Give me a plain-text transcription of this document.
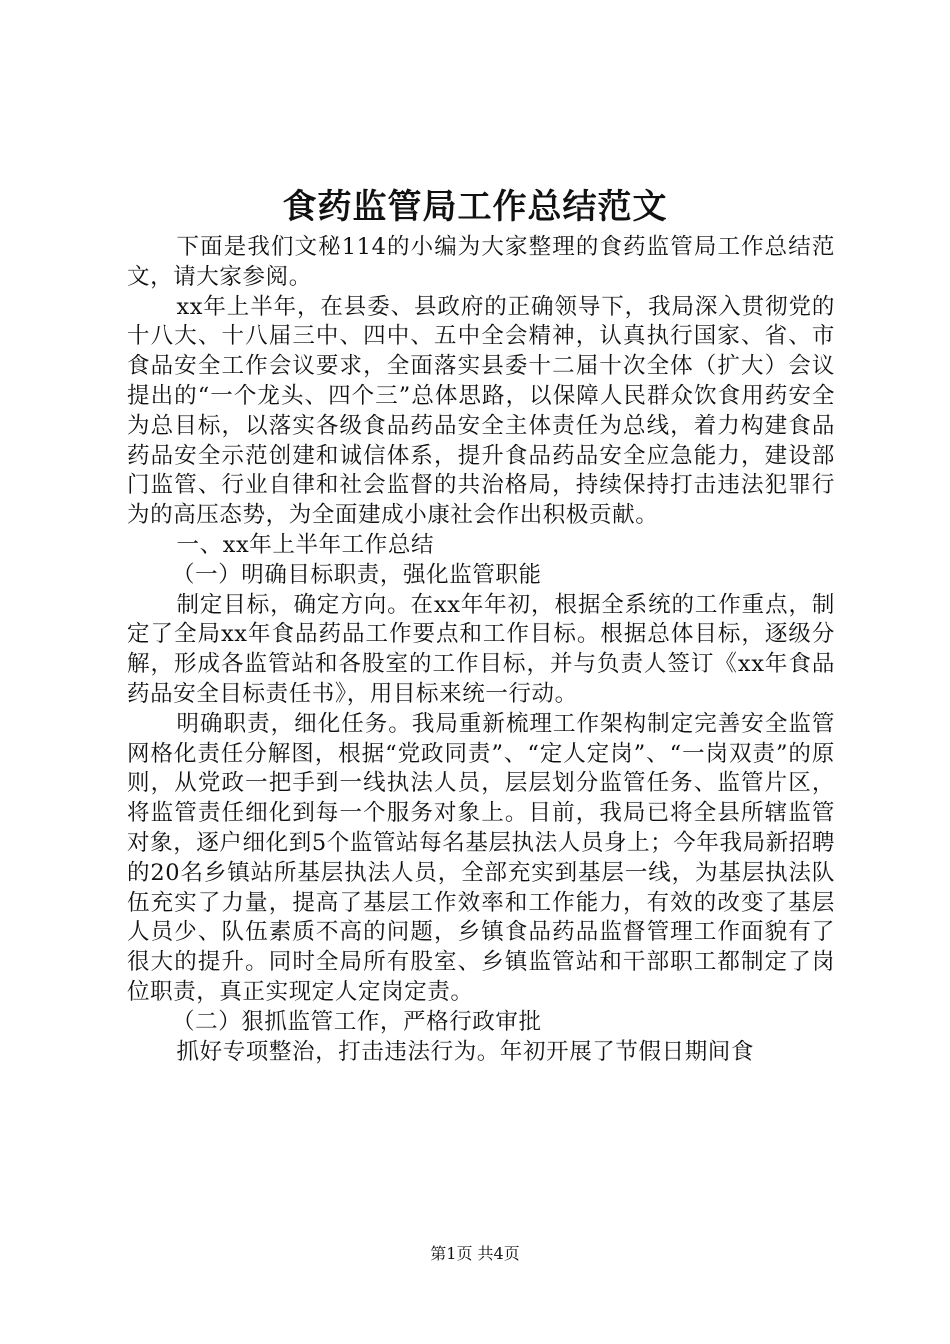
食药监管局工作总结范文

下面是我们文秘114的小编为大家整理的食药监管局工作总结范文，请大家参阅。

xx年上半年，在县委、县政府的正确领导下，我局深入贯彻党的十八大、十八届三中、四中、五中全会精神，认真执行国家、省、市食品安全工作会议要求，全面落实县委十二届十次全体（扩大）会议提出的“一个龙头、四个三”总体思路，以保障人民群众饮食用药安全为总目标，以落实各级食品药品安全主体责任为总线，着力构建食品药品安全示范创建和诚信体系，提升食品药品安全应急能力，建设部门监管、行业自律和社会监督的共治格局，持续保持打击违法犯罪行为的高压态势，为全面建成小康社会作出积极贡献。

一、xx年上半年工作总结

（一）明确目标职责，强化监管职能

制定目标，确定方向。在xx年年初，根据全系统的工作重点，制定了全局xx年食品药品工作要点和工作目标。根据总体目标，逐级分解，形成各监管站和各股室的工作目标，并与负责人签订《xx年食品药品安全目标责任书》，用目标来统一行动。

明确职责，细化任务。我局重新梳理工作架构制定完善安全监管网格化责任分解图，根据“党政同责”、“定人定岗”、“一岗双责”的原则，从党政一把手到一线执法人员，层层划分监管任务、监管片区，将监管责任细化到每一个服务对象上。目前，我局已将全县所辖监管对象，逐户细化到5个监管站每名基层执法人员身上；今年我局新招聘的20名乡镇站所基层执法人员，全部充实到基层一线，为基层执法队伍充实了力量，提高了基层工作效率和工作能力，有效的改变了基层人员少、队伍素质不高的问题，乡镇食品药品监督管理工作面貌有了很大的提升。同时全局所有股室、乡镇监管站和干部职工都制定了岗位职责，真正实现定人定岗定责。

（二）狠抓监管工作，严格行政审批

抓好专项整治，打击违法行为。年初开展了节假日期间食

第1页 共4页
